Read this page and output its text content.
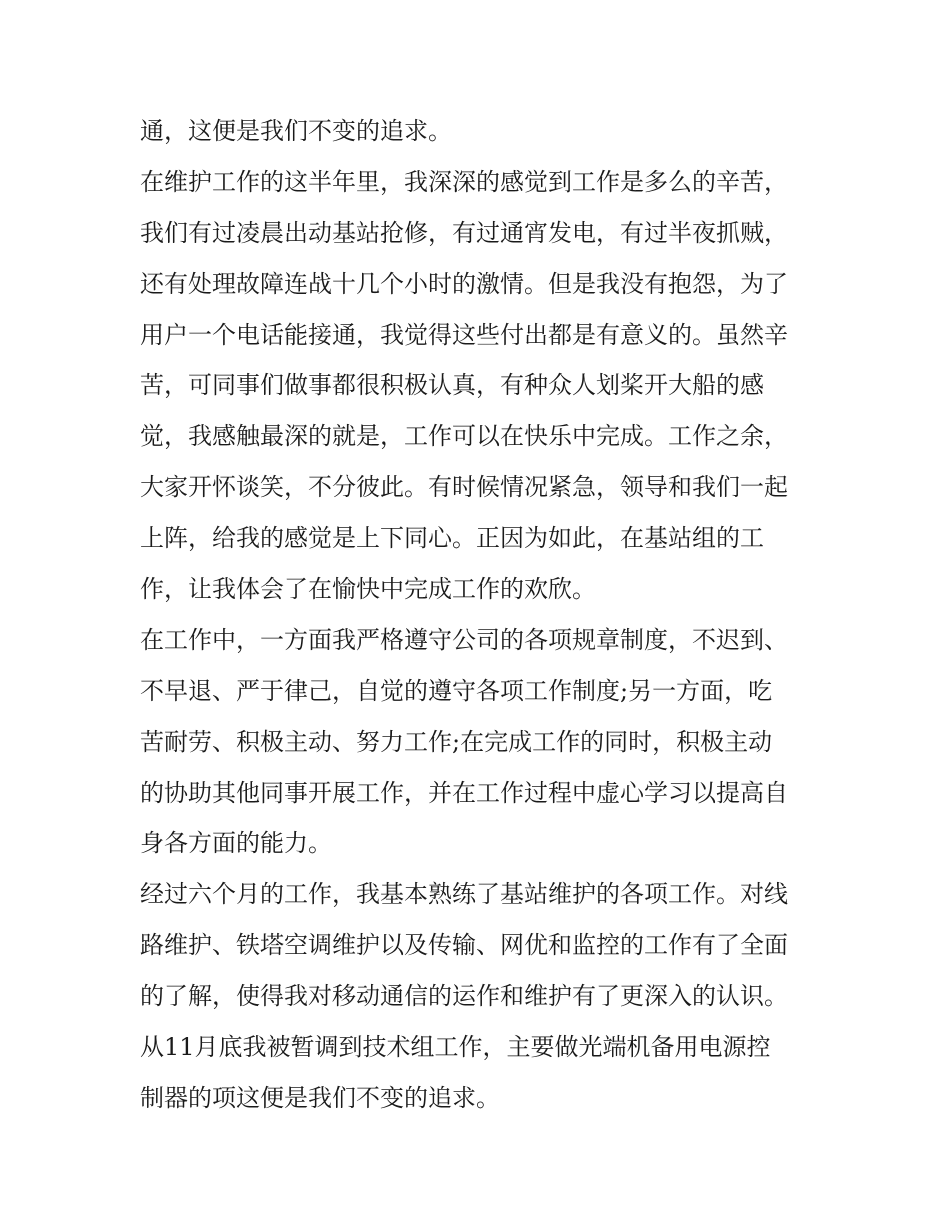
通，这便是我们不变的追求。
在维护工作的这半年里，我深深的感觉到工作是多么的辛苦，
我们有过凌晨出动基站抢修，有过通宵发电，有过半夜抓贼，
还有处理故障连战十几个小时的激情。但是我没有抱怨，为了
用户一个电话能接通，我觉得这些付出都是有意义的。虽然辛
苦，可同事们做事都很积极认真，有种众人划桨开大船的感
觉，我感触最深的就是，工作可以在快乐中完成。工作之余，
大家开怀谈笑，不分彼此。有时候情况紧急，领导和我们一起
上阵，给我的感觉是上下同心。正因为如此，在基站组的工
作，让我体会了在愉快中完成工作的欢欣。
在工作中，一方面我严格遵守公司的各项规章制度，不迟到、
不早退、严于律己，自觉的遵守各项工作制度;另一方面，吃
苦耐劳、积极主动、努力工作;在完成工作的同时，积极主动
的协助其他同事开展工作，并在工作过程中虚心学习以提高自
身各方面的能力。
经过六个月的工作，我基本熟练了基站维护的各项工作。对线
路维护、铁塔空调维护以及传输、网优和监控的工作有了全面
的了解，使得我对移动通信的运作和维护有了更深入的认识。
从11月底我被暂调到技术组工作，主要做光端机备用电源控
制器的项这便是我们不变的追求。
